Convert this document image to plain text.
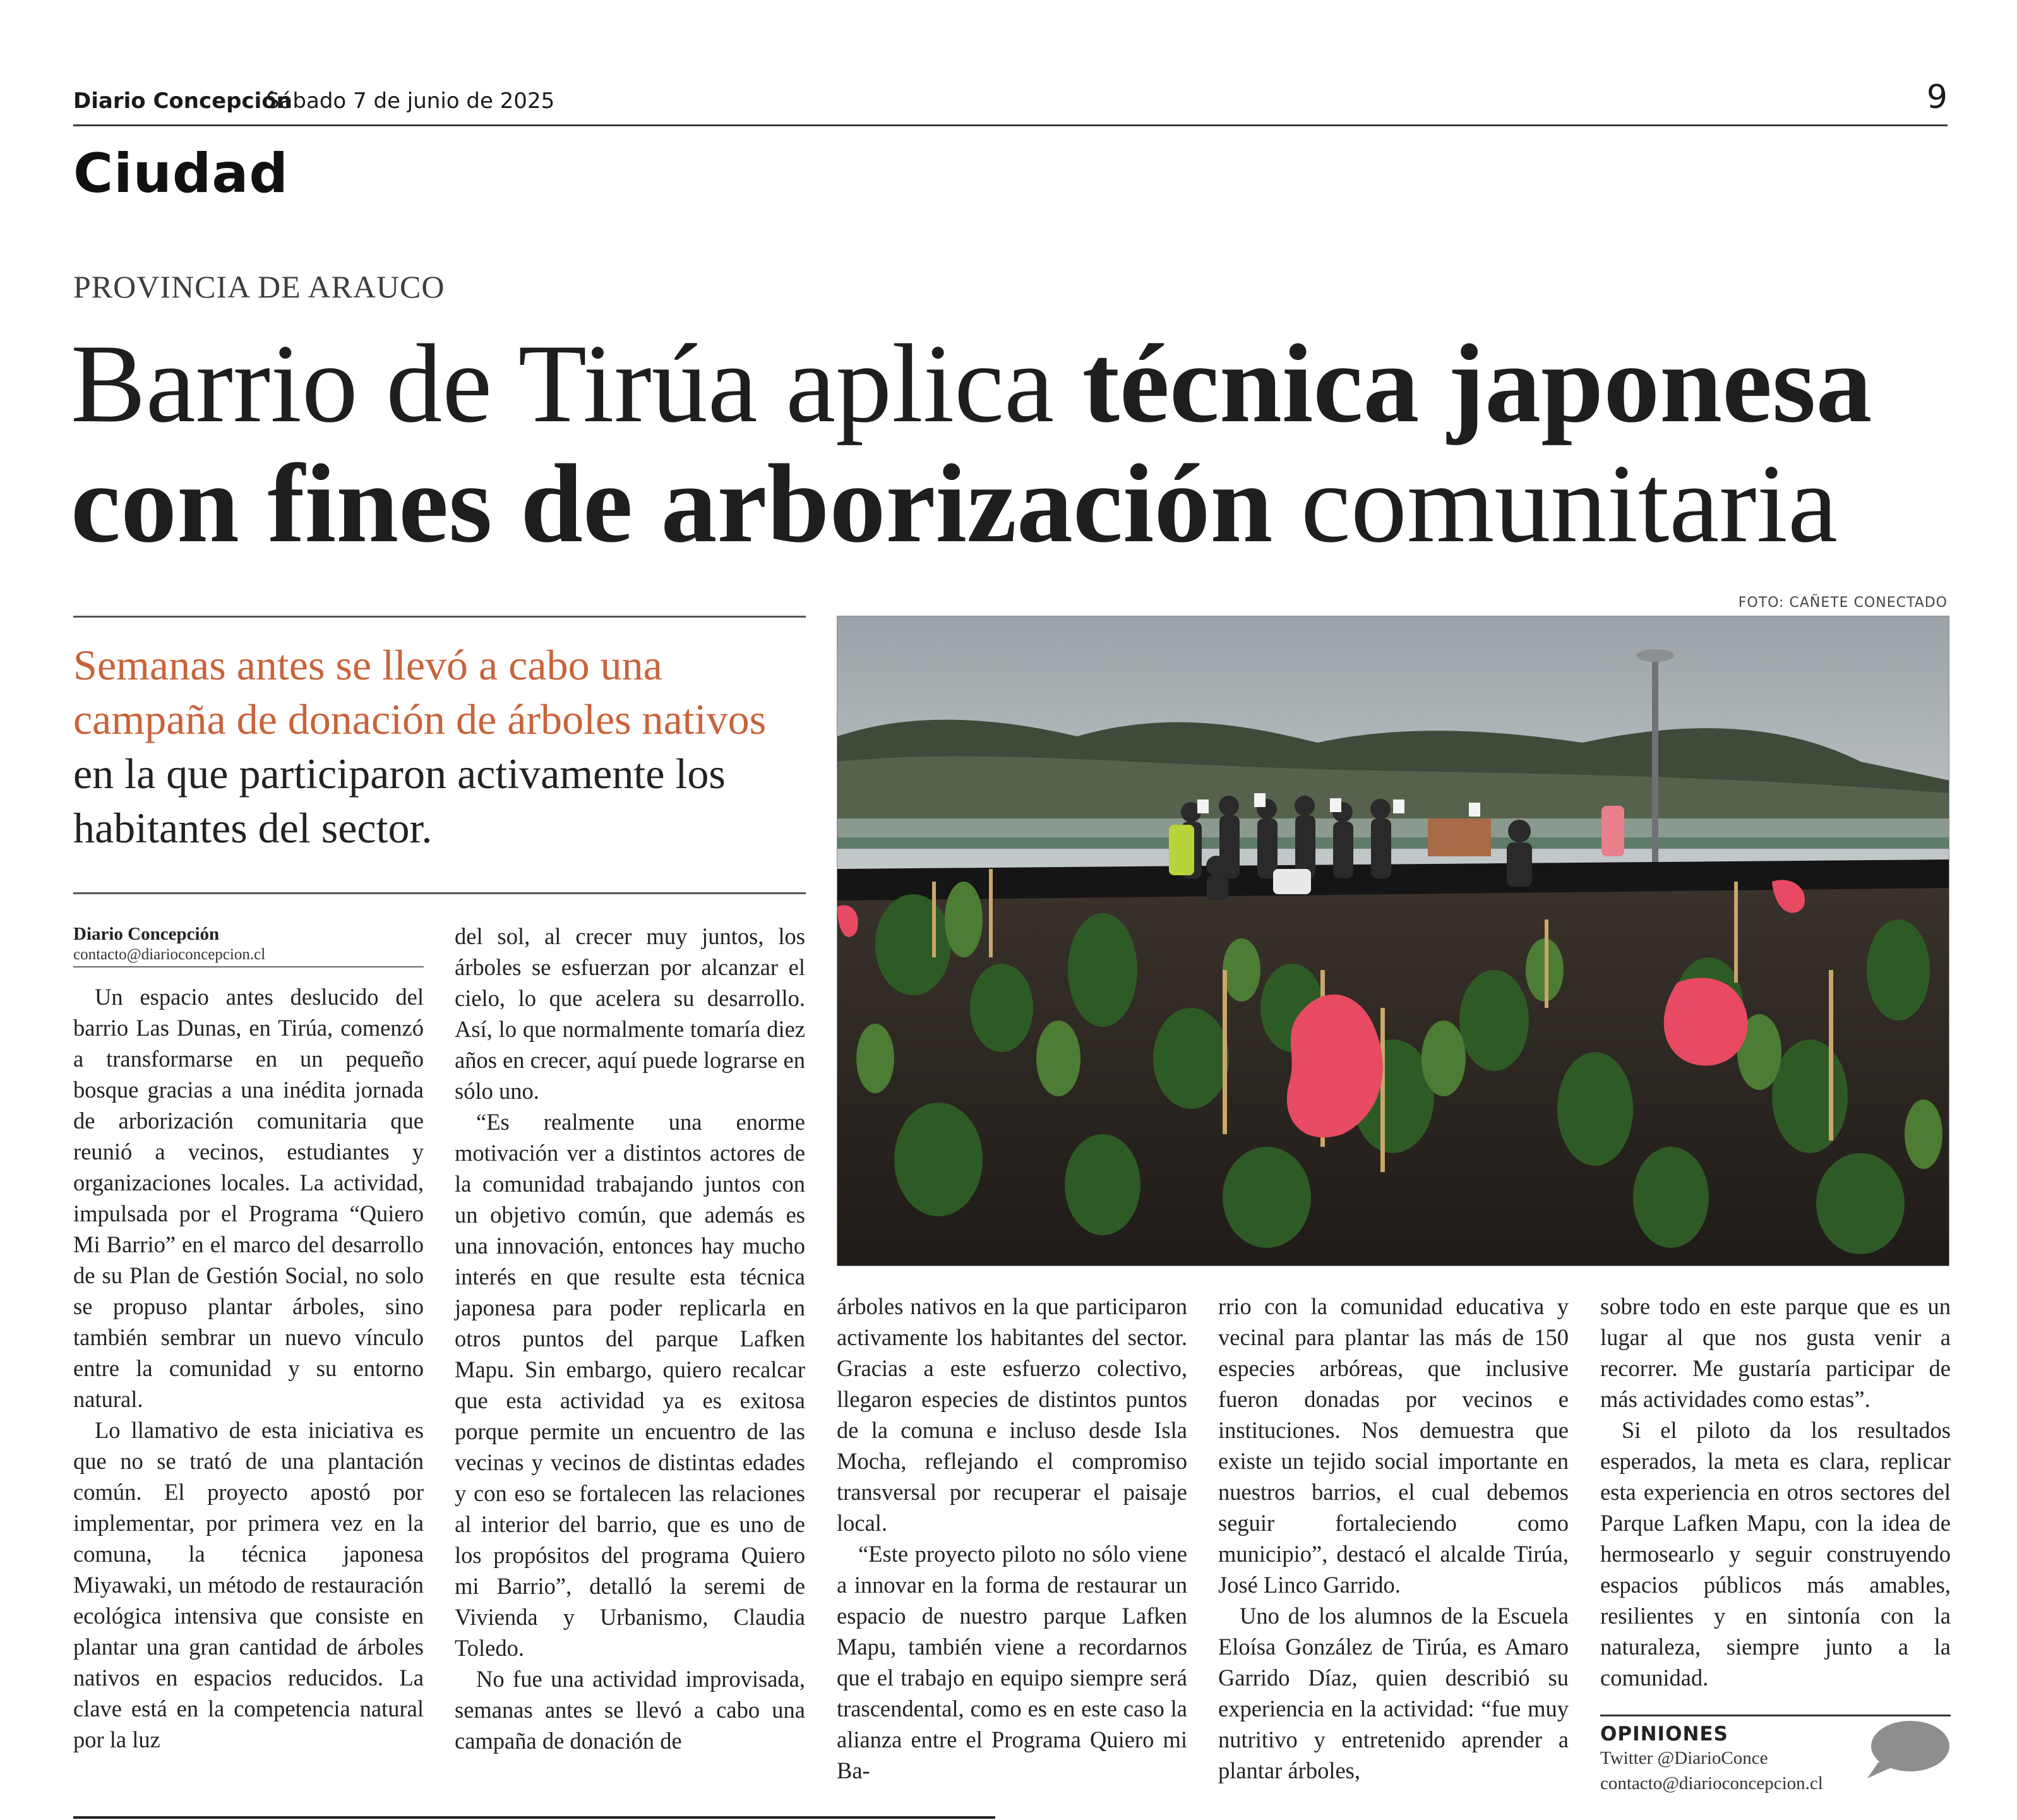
Diario Concepción
Sábado 7 de junio de 2025	9
Ciudad
PROVINCIA DE ARAUCO
Barrio de Tirúa aplica técnica japonesa
con fines de arborización comunitaria
Semanas antes se llevó a cabo una campaña de donación de árboles nativos en la que participaron activamente los habitantes del sector.
FOTO: CAÑETE CONECTADO
Diario Concepción
contacto@diarioconcepcion.cl

Un espacio antes deslucido del barrio Las Dunas, en Tirúa, comenzó a transformarse en un pequeño bosque gracias a una inédita jornada de arborización comunitaria que reunió a vecinos, estudiantes y organizaciones locales. La actividad, impulsada por el Programa “Quiero Mi Barrio” en el marco del desarrollo de su Plan de Gestión Social, no solo se propuso plantar árboles, sino también sembrar un nuevo vínculo entre la comunidad y su entorno natural.

Lo llamativo de esta iniciativa es que no se trató de una plantación común. El proyecto apostó por implementar, por primera vez en la comuna, la técnica japonesa Miyawaki, un método de restauración ecológica intensiva que consiste en plantar una gran cantidad de árboles nativos en espacios reducidos. La clave está en la competencia natural por la luz

del sol, al crecer muy juntos, los árboles se esfuerzan por alcanzar el cielo, lo que acelera su desarrollo. Así, lo que normalmente tomaría diez años en crecer, aquí puede lograrse en sólo uno.

“Es realmente una enorme motivación ver a distintos actores de la comunidad trabajando juntos con un objetivo común, que además es una innovación, entonces hay mucho interés en que resulte esta técnica japonesa para poder replicarla en otros puntos del parque Lafken Mapu. Sin embargo, quiero recalcar que esta actividad ya es exitosa porque permite un encuentro de las vecinas y vecinos de distintas edades y con eso se fortalecen las relaciones al interior del barrio, que es uno de los propósitos del programa Quiero mi Barrio”, detalló la seremi de Vivienda y Urbanismo, Claudia Toledo.

No fue una actividad improvisada, semanas antes se llevó a cabo una campaña de donación de

árboles nativos en la que participaron activamente los habitantes del sector. Gracias a este esfuerzo colectivo, llegaron especies de distintos puntos de la comuna e incluso desde Isla Mocha, reflejando el compromiso transversal por recuperar el paisaje local.

“Este proyecto piloto no sólo viene a innovar en la forma de restaurar un espacio de nuestro parque Lafken Mapu, también viene a recordarnos que el trabajo en equipo siempre será trascendental, como es en este caso la alianza entre el Programa Quiero mi Ba-

rrio con la comunidad educativa y vecinal para plantar las más de 150 especies arbóreas, que inclusive fueron donadas por vecinos e instituciones. Nos demuestra que existe un tejido social importante en nuestros barrios, el cual debemos seguir fortaleciendo como municipio”, destacó el alcalde Tirúa, José Linco Garrido.

Uno de los alumnos de la Escuela Eloísa González de Tirúa, es Amaro Garrido Díaz, quien describió su experiencia en la actividad: “fue muy nutritivo y entretenido aprender a plantar árboles,

sobre todo en este parque que es un lugar al que nos gusta venir a recorrer. Me gustaría participar de más actividades como estas”.

Si el piloto da los resultados esperados, la meta es clara, replicar esta experiencia en otros sectores del Parque Lafken Mapu, con la idea de hermosearlo y seguir construyendo espacios públicos más amables, resilientes y en sintonía con la naturaleza, siempre junto a la comunidad.

OPINIONES
Twitter @DiarioConce
contacto@diarioconcepcion.cl
